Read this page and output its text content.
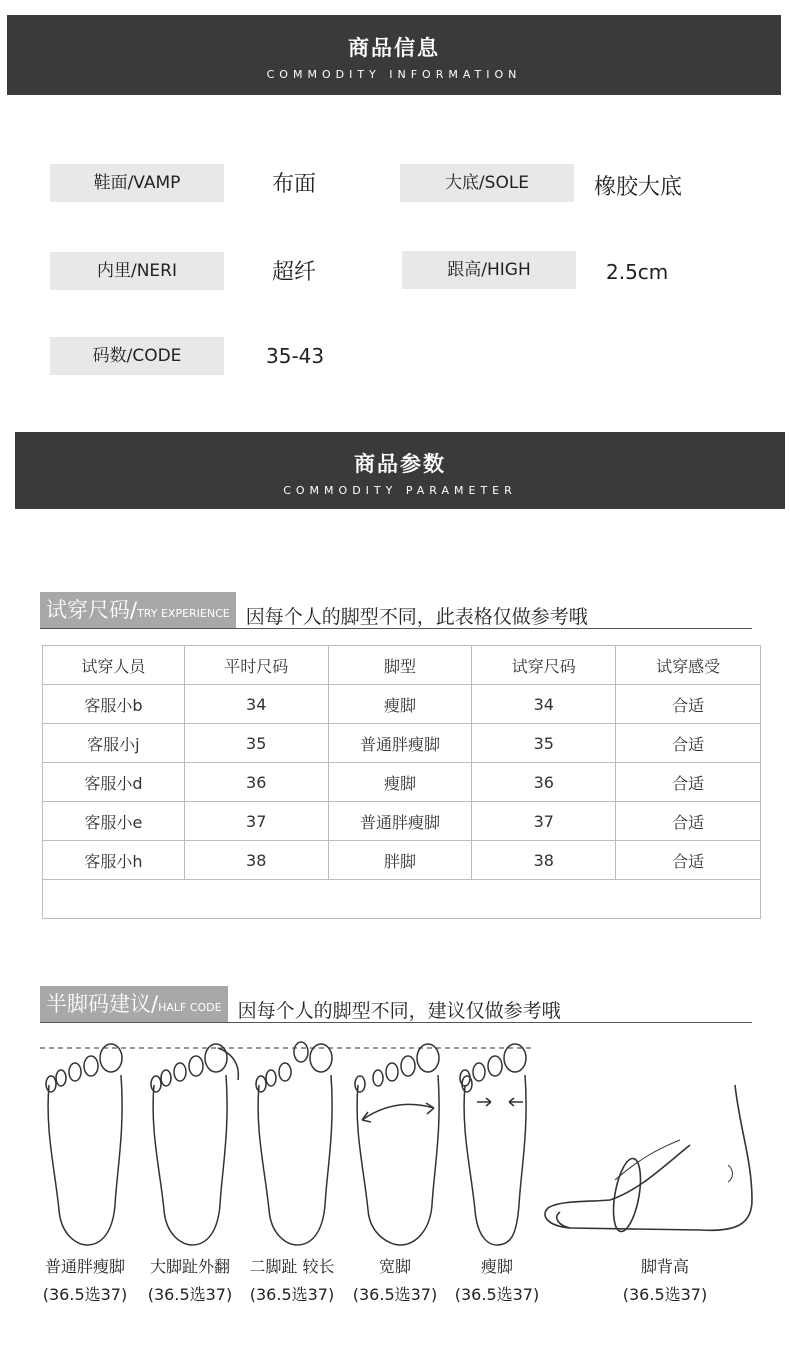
商品信息
COMMODITY INFORMATION
鞋面/VAMP	布面	大底/SOLE	橡胶大底
内里/NERI	超纤	跟高/HIGH	2.5cm
码数/CODE	35-43
商品参数
COMMODITY PARAMETER
试穿尺码/TRY EXPERIENCE 因每个人的脚型不同，此表格仅做参考哦
试穿人员	平时尺码	脚型	试穿尺码	试穿感受
客服小b	34	瘦脚	34	合适
客服小j	35	普通胖瘦脚	35	合适
客服小d	36	瘦脚	36	合适
客服小e	37	普通胖瘦脚	37	合适
客服小h	38	胖脚	38	合适

半脚码建议/HALF CODE 因每个人的脚型不同，建议仅做参考哦
普通胖瘦脚
(36.5选37)
大脚趾外翻
(36.5选37)
二脚趾 较长
(36.5选37)
宽脚
(36.5选37)
瘦脚
(36.5选37)
脚背高
(36.5选37)
